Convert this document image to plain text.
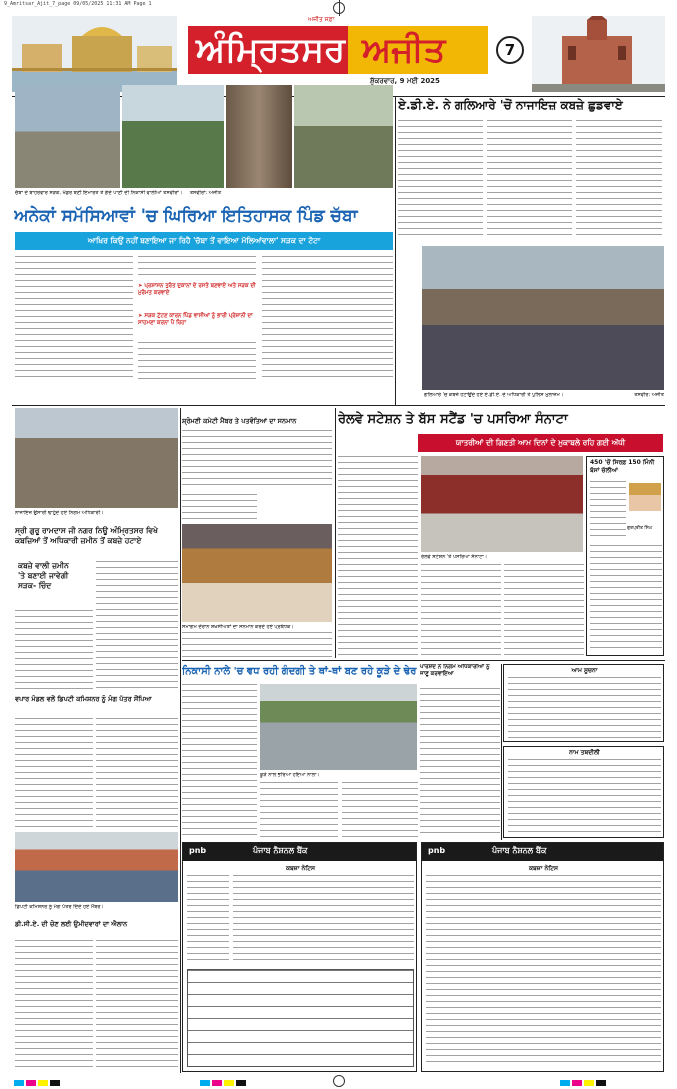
9_Amritsar_Ajit_7_page 09/05/2025 11:31 AM Page 1
ਅਜੀਤ ਸਫ਼ਾ
ਅੰਮ੍ਰਿਤਸਰ ਅਜੀਤ
ਸ਼ੁੱਕਰਵਾਰ, 9 ਮਈ 2025
7
ਚੱਬਾ ਦੇ ਬਾਹਰਵਾਰ ਸੜਕ, ਖੰਡਰ ਬਣੀ ਇਮਾਰਤ ਤੇ ਗੰਦੇ ਪਾਣੀ ਦੀ ਨਿਕਾਸੀ ਵਾਲੀਆਂ ਤਸਵੀਰਾਂ। ਤਸਵੀਰਾਂ: ਅਜੀਤ
ਅਨੇਕਾਂ ਸਮੱਸਿਆਵਾਂ 'ਚ ਘਿਰਿਆ ਇਤਿਹਾਸਕ ਪਿੰਡ ਚੱਬਾ
ਆਖ਼ਿਰ ਕਿਉਂ ਨਹੀਂ ਬਣਾਇਆ ਜਾ ਰਿਹੈ 'ਚੱਬਾ ਤੋਂ ਵਾਇਆ ਮੱਲਿਆਂਵਾਲਾ' ਸੜਕ ਦਾ ਟੋਟਾ
➤ ਪ੍ਰਸ਼ਾਸਨ ਤੁਰੰਤ ਦੁਕਾਨਾਂ ਦੇ ਰਸਤੇ ਬਣਵਾਏ ਅਤੇ ਸੜਕ ਦੀ ਮੁਰੰਮਤ ਕਰਵਾਏ
➤ ਸੜਕ ਟੁੱਟਣ ਕਾਰਨ ਪਿੰਡ ਵਾਸੀਆਂ ਨੂੰ ਭਾਰੀ ਪ੍ਰੇਸ਼ਾਨੀ ਦਾ ਸਾਹਮਣਾ ਕਰਨਾ ਪੈ ਰਿਹਾ
ਏ.ਡੀ.ਏ. ਨੇ ਗਲਿਆਰੇ 'ਚੋਂ ਨਾਜਾਇਜ਼ ਕਬਜ਼ੇ ਛੁਡਵਾਏ
ਗਲਿਆਰੇ 'ਚ ਕਬਜ਼ੇ ਹਟਾਉਂਦੇ ਹੋਏ ਏ.ਡੀ.ਏ. ਦੇ ਅਧਿਕਾਰੀ ਤੇ ਪੁਲਿਸ ਮੁਲਾਜ਼ਮ।	ਤਸਵੀਰ: ਅਜੀਤ
ਨਾਜਾਇਜ਼ ਉਸਾਰੀ ਢਾਹੁੰਦੇ ਹੋਏ ਨਿਗਮ ਅਧਿਕਾਰੀ।
ਸ੍ਰੀ ਗੁਰੂ ਰਾਮਦਾਸ ਜੀ ਨਗਰ ਨਿਊ ਅੰਮ੍ਰਿਤਸਰ ਵਿਖੇ ਕਬਜ਼ਿਆਂ ਤੋਂ ਅਧਿਕਾਰੀ ਜ਼ਮੀਨ ਤੋਂ ਕਬਜ਼ੇ ਹਟਾਏ
ਕਬਜ਼ੇ ਵਾਲੀ ਜ਼ਮੀਨ 'ਤੇ ਬਣਾਈ ਜਾਵੇਗੀ ਸੜਕ- ਚਿੰਦ
ਸ਼੍ਰੋਮਣੀ ਕਮੇਟੀ ਮੈਂਬਰ ਤੇ ਪਤਵੰਤਿਆਂ ਦਾ ਸਨਮਾਨ
ਸਮਾਗਮ ਦੌਰਾਨ ਸ਼ਖ਼ਸੀਅਤਾਂ ਦਾ ਸਨਮਾਨ ਕਰਦੇ ਹੋਏ ਪ੍ਰਬੰਧਕ।
ਰੇਲਵੇ ਸਟੇਸ਼ਨ ਤੇ ਬੱਸ ਸਟੈਂਡ 'ਚ ਪਸਰਿਆ ਸੰਨਾਟਾ
ਯਾਤਰੀਆਂ ਦੀ ਗਿਣਤੀ ਆਮ ਦਿਨਾਂ ਦੇ ਮੁਕਾਬਲੇ ਰਹਿ ਗਈ ਅੱਧੀ
ਰੇਲਵੇ ਸਟੇਸ਼ਨ 'ਤੇ ਪਸਰਿਆ ਸੰਨਾਟਾ।
450 'ਚੋਂ ਸਿਰਫ਼ 150 ਮਿੰਨੀ ਬੱਸਾਂ ਚੱਲੀਆਂ
ਗੁਰਪ੍ਰੀਤ ਸਿੰਘ
ਨਿਕਾਸੀ ਨਾਲੇ 'ਚ ਵਧ ਰਹੀ ਗੰਦਗੀ ਤੇ ਥਾਂ-ਥਾਂ ਬਣ ਰਹੇ ਕੂੜੇ ਦੇ ਢੇਰ
ਕੂੜੇ ਨਾਲ ਭਰਿਆ ਹੋਇਆ ਨਾਲਾ।
ਪਾਰਸ਼ਦ ਨੇ ਨਿਗਮ ਅਧਿਕਾਰੀਆਂ ਨੂੰ ਜਾਣੂ ਕਰਵਾਇਆ	ਆਮ ਸੂਚਨਾ
ਨਾਮ ਤਬਦੀਲੀ
pnb	ਪੰਜਾਬ ਨੈਸ਼ਨਲ ਬੈਂਕ
ਕਬਜ਼ਾ ਨੋਟਿਸ
ਵਪਾਰ ਮੰਡਲ ਵਲੋਂ ਡਿਪਟੀ ਕਮਿਸ਼ਨਰ ਨੂੰ ਮੰਗ ਪੱਤਰ ਸੌਂਪਿਆ
ਡਿਪਟੀ ਕਮਿਸ਼ਨਰ ਨੂੰ ਮੰਗ ਪੱਤਰ ਦਿੰਦੇ ਹੋਏ ਮੈਂਬਰ।
ਡੀ.ਸੀ.ਏ. ਦੀ ਚੋਣ ਲਈ ਉਮੀਦਵਾਰਾਂ ਦਾ ਐਲਾਨ
pnb	ਪੰਜਾਬ ਨੈਸ਼ਨਲ ਬੈਂਕ
ਕਬਜ਼ਾ ਨੋਟਿਸ
